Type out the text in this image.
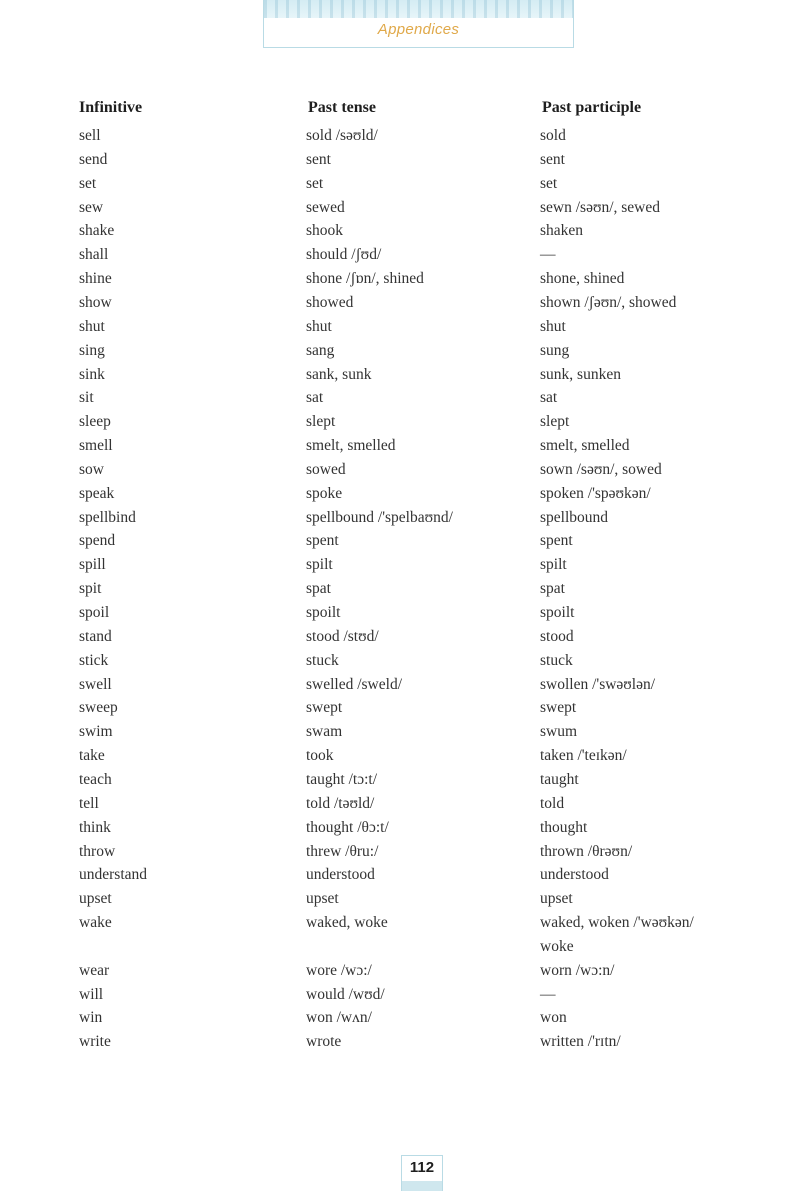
Appendices
Infinitive	Past tense	Past participle
sell	sold /səʊld/	sold
send	sent	sent
set	set	set
sew	sewed	sewn /səʊn/, sewed
shake	shook	shaken
shall	should /ʃʊd/	—
shine	shone /ʃɒn/, shined	shone, shined
show	showed	shown /ʃəʊn/, showed
shut	shut	shut
sing	sang	sung
sink	sank, sunk	sunk, sunken
sit	sat	sat
sleep	slept	slept
smell	smelt, smelled	smelt, smelled
sow	sowed	sown /səʊn/, sowed
speak	spoke	spoken /'spəʊkən/
spellbind	spellbound /'spelbaʊnd/	spellbound
spend	spent	spent
spill	spilt	spilt
spit	spat	spat
spoil	spoilt	spoilt
stand	stood /stʊd/	stood
stick	stuck	stuck
swell	swelled /sweld/	swollen /'swəʊlən/
sweep	swept	swept
swim	swam	swum
take	took	taken /'teɪkən/
teach	taught /tɔ:t/	taught
tell	told /təʊld/	told
think	thought /θɔ:t/	thought
throw	threw /θru:/	thrown /θrəʊn/
understand	understood	understood
upset	upset	upset
wake	waked, woke	waked, woken /'wəʊkən/
woke
wear	wore /wɔ:/	worn /wɔ:n/
will	would /wʊd/	—
win	won /wʌn/	won
write	wrote	written /'rɪtn/
112
